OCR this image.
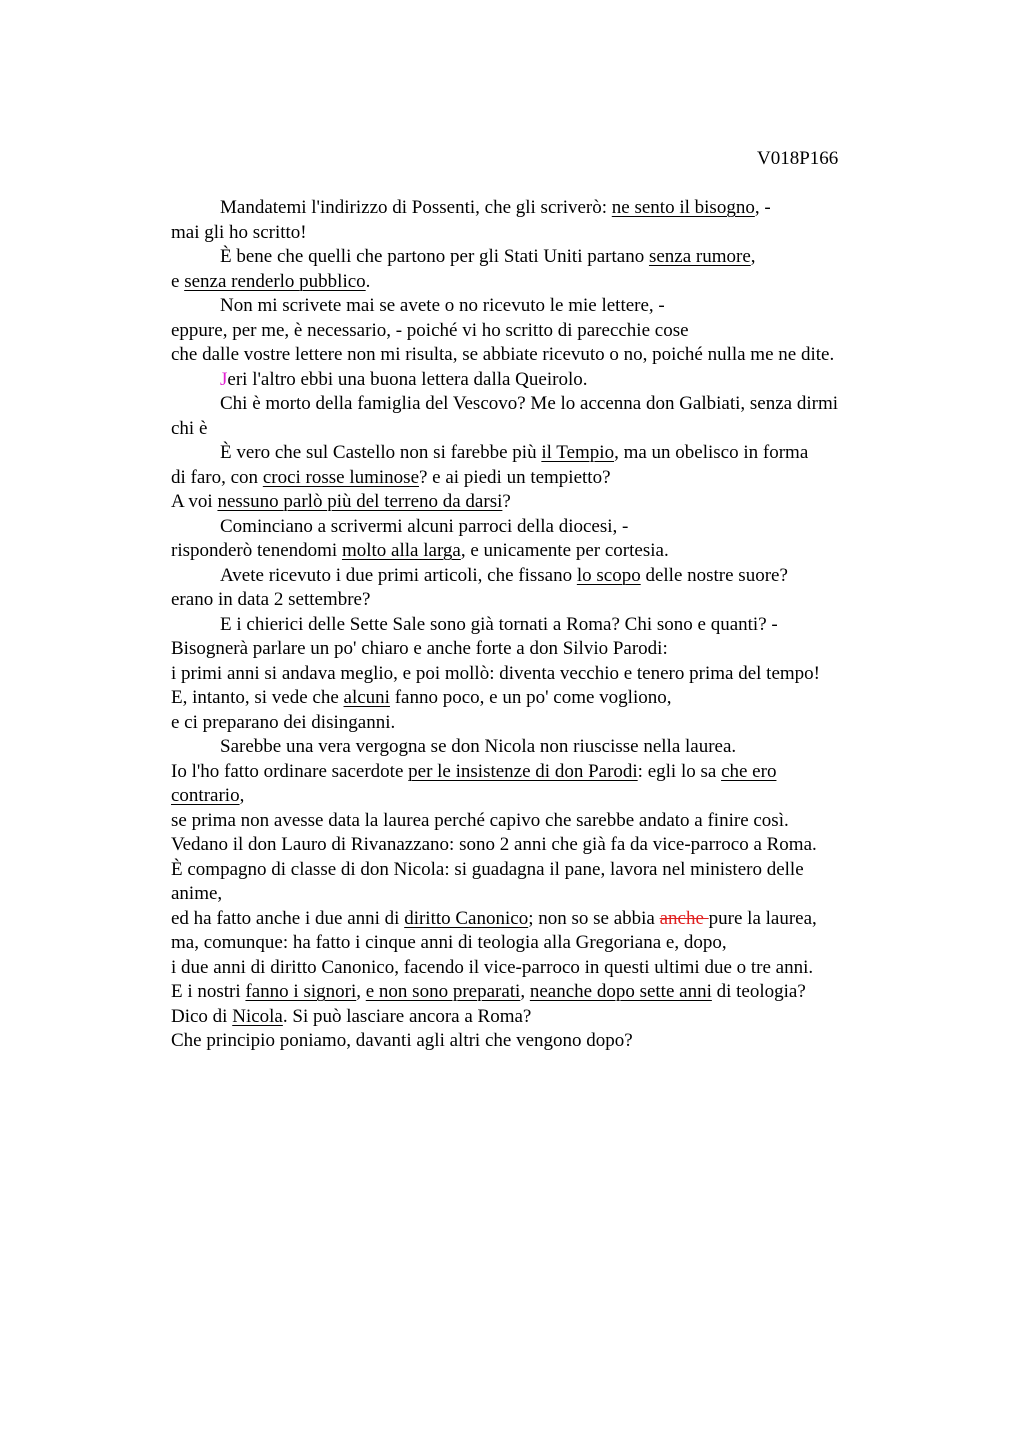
V018P166
Mandatemi l'indirizzo di Possenti, che gli scriverò: ne sento il bisogno, -
mai gli ho scritto!
È bene che quelli che partono per gli Stati Uniti partano senza rumore,
e senza renderlo pubblico.
Non mi scrivete mai se avete o no ricevuto le mie lettere, -
eppure, per me, è necessario, - poiché vi ho scritto di parecchie cose
che dalle vostre lettere non mi risulta, se abbiate ricevuto o no, poiché nulla me ne dite.
Jeri l'altro ebbi una buona lettera dalla Queirolo.
Chi è morto della famiglia del Vescovo? Me lo accenna don Galbiati, senza dirmi
chi è
È vero che sul Castello non si farebbe più il Tempio, ma un obelisco in forma
di faro, con croci rosse luminose? e ai piedi un tempietto?
A voi nessuno parlò più del terreno da darsi?
Cominciano a scrivermi alcuni parroci della diocesi, -
risponderò tenendomi molto alla larga, e unicamente per cortesia.
Avete ricevuto i due primi articoli, che fissano lo scopo delle nostre suore?
erano in data 2 settembre?
E i chierici delle Sette Sale sono già tornati a Roma? Chi sono e quanti? -
Bisognerà parlare un po' chiaro e anche forte a don Silvio Parodi:
i primi anni si andava meglio, e poi mollò: diventa vecchio e tenero prima del tempo!
E, intanto, si vede che alcuni fanno poco, e un po' come vogliono,
e ci preparano dei disinganni.
Sarebbe una vera vergogna se don Nicola non riuscisse nella laurea.
Io l'ho fatto ordinare sacerdote per le insistenze di don Parodi: egli lo sa che ero
contrario,
se prima non avesse data la laurea perché capivo che sarebbe andato a finire così.
Vedano il don Lauro di Rivanazzano: sono 2 anni che già fa da vice-parroco a Roma.
È compagno di classe di don Nicola: si guadagna il pane, lavora nel ministero delle
anime,
ed ha fatto anche i due anni di diritto Canonico; non so se abbia anche pure la laurea,
ma, comunque: ha fatto i cinque anni di teologia alla Gregoriana e, dopo,
i due anni di diritto Canonico, facendo il vice-parroco in questi ultimi due o tre anni.
E i nostri fanno i signori, e non sono preparati, neanche dopo sette anni di teologia?
Dico di Nicola. Si può lasciare ancora a Roma?
Che principio poniamo, davanti agli altri che vengono dopo?
